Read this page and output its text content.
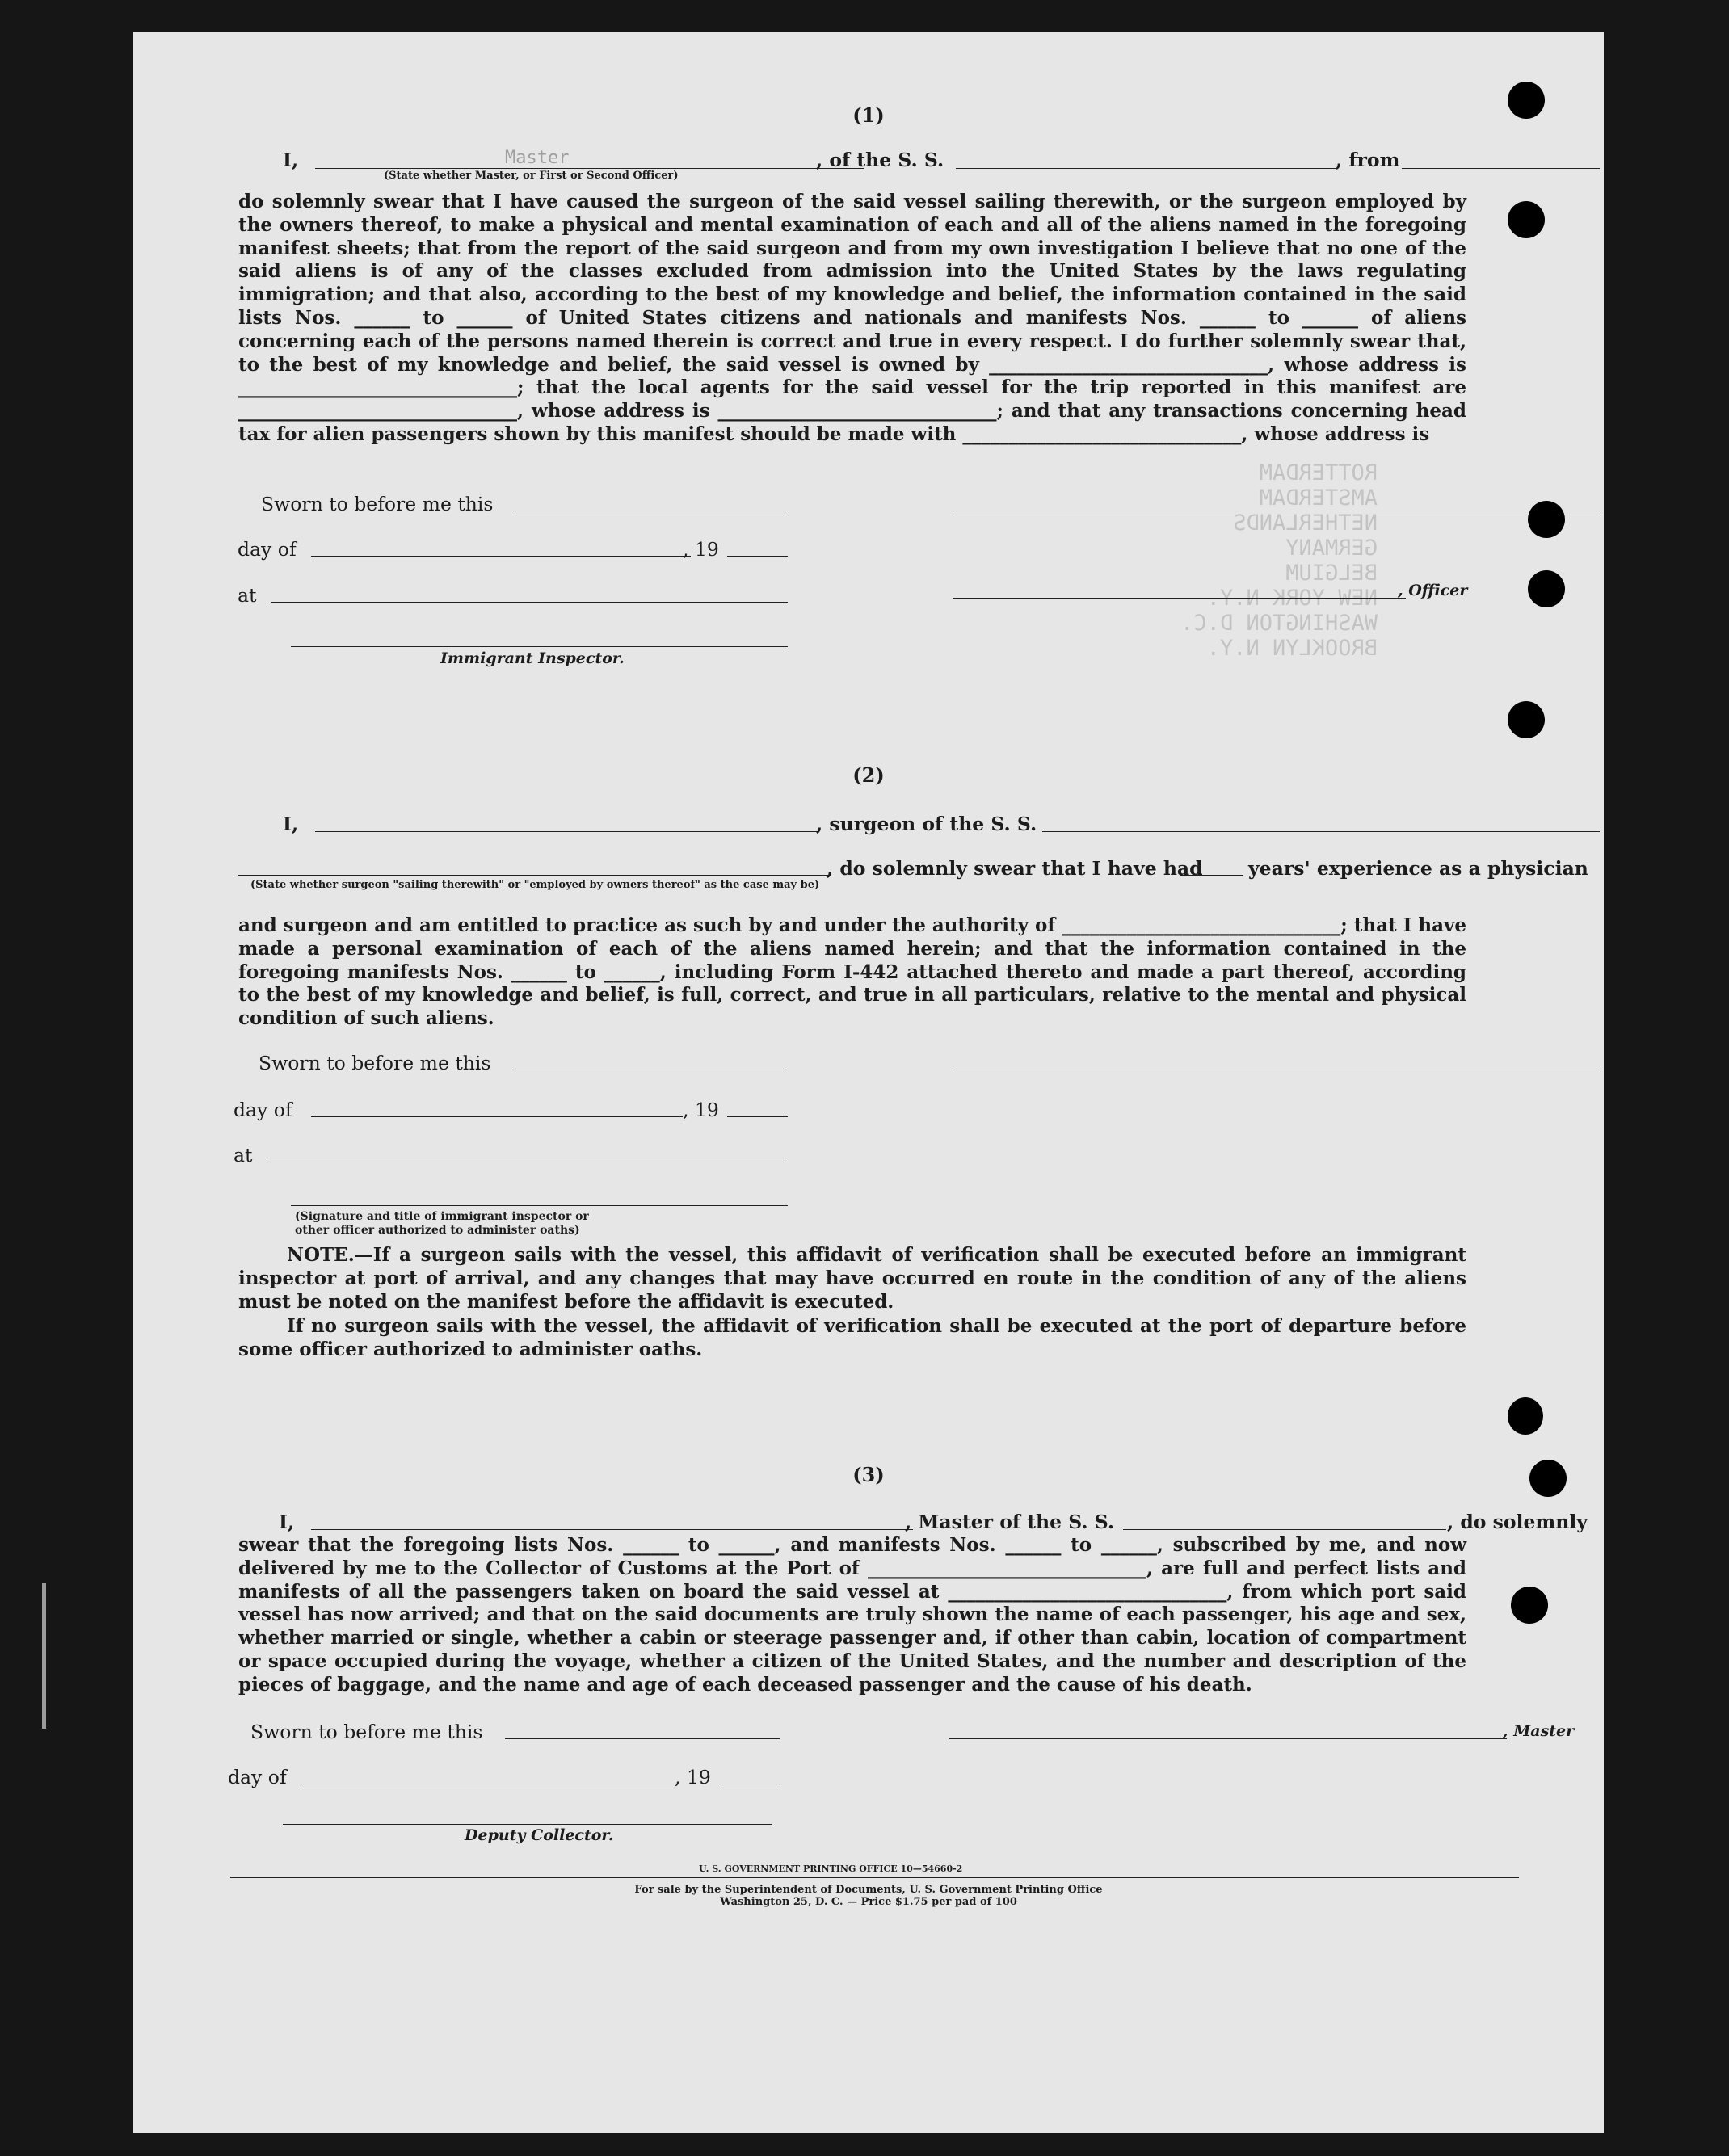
ROTTERDAM
AMSTERDAM
NETHERLANDS
GERMANY
BELGIUM
NEW YORK N.Y.
WASHINGTON D.C.
BROOKLYN N.Y.
(1)
I,	Master	, of the S. S.	, from
(State whether Master, or First or Second Officer)
do solemnly swear that I have caused the surgeon of the said vessel sailing therewith, or the surgeon employed by the owners thereof, to make a physical and mental examination of each and all of the aliens named in the foregoing manifest sheets; that from the report of the said surgeon and from my own investigation I believe that no one of the said aliens is of any of the classes excluded from admission into the United States by the laws regulating immigration; and that also, according to the best of my knowledge and belief, the information contained in the said lists Nos. ______ to ______ of United States citizens and nationals and manifests Nos. ______ to ______ of aliens concerning each of the persons named therein is correct and true in every respect. I do further solemnly swear that, to the best of my knowledge and belief, the said vessel is owned by ______________________________, whose address is ______________________________; that the local agents for the said vessel for the trip reported in this manifest are ______________________________, whose address is ______________________________; and that any transactions concerning head tax for alien passengers shown by this manifest should be made with ______________________________, whose address is
Sworn to before me this
day of	, 19
, Officer
at
Immigrant Inspector.
(2)
I,	, surgeon of the S. S.
, do solemnly swear that I have had years' experience as a physician
(State whether surgeon "sailing therewith" or "employed by owners thereof" as the case may be)
and surgeon and am entitled to practice as such by and under the authority of ______________________________; that I have made a personal examination of each of the aliens named herein; and that the information contained in the foregoing manifests Nos. ______ to ______, including Form I-442 attached thereto and made a part thereof, according to the best of my knowledge and belief, is full, correct, and true in all particulars, relative to the mental and physical condition of such aliens.
Sworn to before me this
day of	, 19
at
(Signature and title of immigrant inspector or
other officer authorized to administer oaths)
NOTE.—If a surgeon sails with the vessel, this affidavit of verification shall be executed before an immigrant inspector at port of arrival, and any changes that may have occurred en route in the condition of any of the aliens must be noted on the manifest before the affidavit is executed.
If no surgeon sails with the vessel, the affidavit of verification shall be executed at the port of departure before some officer authorized to administer oaths.
(3)
I,	, Master of the S. S.	, do solemnly
swear that the foregoing lists Nos. ______ to ______, and manifests Nos. ______ to ______, subscribed by me, and now delivered by me to the Collector of Customs at the Port of ______________________________, are full and perfect lists and manifests of all the passengers taken on board the said vessel at ______________________________, from which port said vessel has now arrived; and that on the said documents are truly shown the name of each passenger, his age and sex, whether married or single, whether a cabin or steerage passenger and, if other than cabin, location of compartment or space occupied during the voyage, whether a citizen of the United States, and the number and description of the pieces of baggage, and the name and age of each deceased passenger and the cause of his death.
Sworn to before me this	, Master
day of	, 19
Deputy Collector.
U. S. GOVERNMENT PRINTING OFFICE 10—54660-2
For sale by the Superintendent of Documents, U. S. Government Printing Office
Washington 25, D. C. — Price $1.75 per pad of 100
